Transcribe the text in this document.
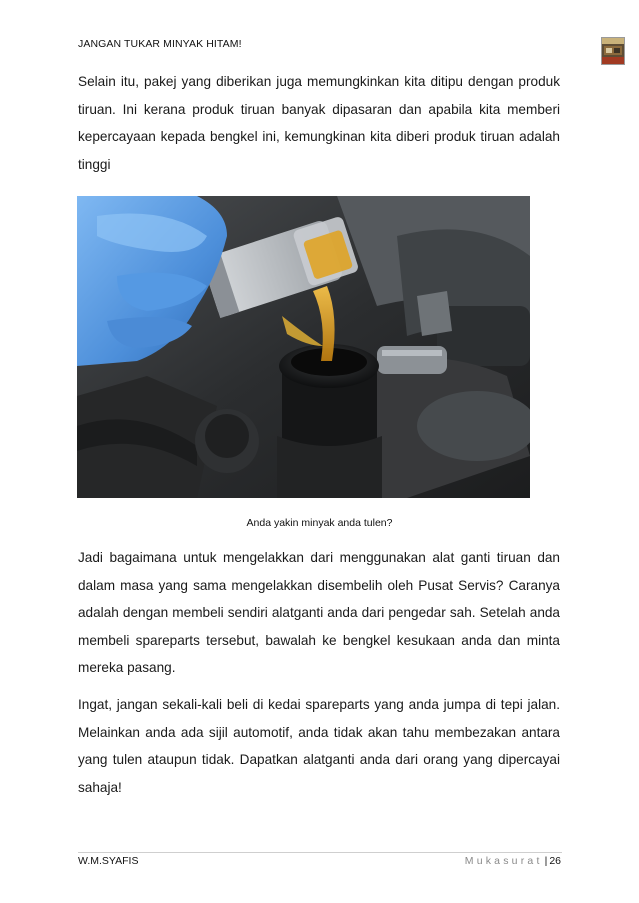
JANGAN TUKAR MINYAK HITAM!

Selain itu, pakej yang diberikan juga memungkinkan kita ditipu dengan produk tiruan. Ini kerana produk tiruan banyak dipasaran dan apabila kita memberi kepercayaan kepada bengkel ini, kemungkinan kita diberi produk tiruan adalah tinggi

Anda yakin minyak anda tulen?

Jadi bagaimana untuk mengelakkan dari menggunakan alat ganti tiruan dan dalam masa yang sama mengelakkan disembelih oleh Pusat Servis? Caranya adalah dengan membeli sendiri alatganti anda dari pengedar sah. Setelah anda membeli spareparts tersebut, bawalah ke bengkel kesukaan anda dan minta mereka pasang.

Ingat, jangan sekali-kali beli di kedai spareparts yang anda jumpa di tepi jalan. Melainkan anda ada sijil automotif, anda tidak akan tahu membezakan antara yang tulen ataupun tidak. Dapatkan alatganti anda dari orang yang dipercayai sahaja!

W.M.SYAFIS	Mukasurat | 26
